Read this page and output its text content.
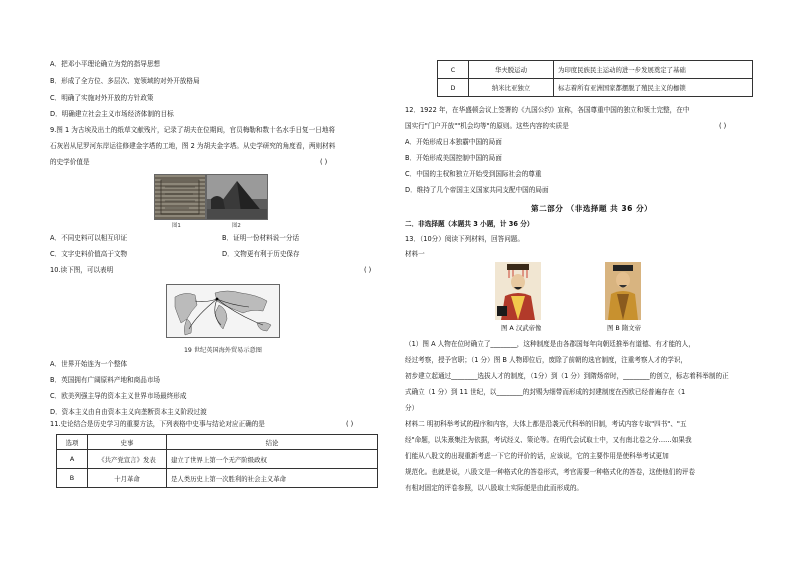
A．把邓小平理论确立为党的指导思想
B．形成了全方位、多层次、宽领域的对外开放格局
C．明确了实施对外开放的方针政策
D．明确建立社会主义市场经济体制的目标
9.图 1 为古埃及出土的纸草文献残片，记录了胡夫在位期间，官员梅勒和数十名水手日复一日地将
石灰岩从尼罗河东岸运往修建金字塔的工地，图 2 为胡夫金字塔。从史学研究的角度看，两则材料
的史学价值是	( )
图1	图2
A．不同史料可以相互印证	B．证明一份材料说一分话
C．文字史料价值高于文物	D．文物更有利于历史保存
10.读下图，可以表明	( )
19 世纪英国海外贸易示意图
A．世界开始连为一个整体
B．英国拥有广阔原料产地和商品市场
C．欧美列强主导的资本主义世界市场最终形成
D．资本主义由自由资本主义向垄断资本主义阶段过渡
11.史论结合是历史学习的重要方法，下列表格中史事与结论对应正确的是	( )
选项	史事	结论
A	《共产党宣言》发表	建立了世界上第一个无产阶级政权
B	十月革命	是人类历史上第一次胜利的社会主义革命
C	华夫脱运动	为印度民族民主运动的进一步发展奠定了基础
D	纳米比亚独立	标志着所有亚洲国家都摆脱了殖民主义的枷锁
12．1922 年，在华盛顿会议上签署的《九国公约》宣称，各国尊重中国的独立和领土完整，在中
国实行"门户开放""机会均等"的原则。这些内容的实质是	( )
A．开始形成日本独霸中国的局面
B．开始形成美国控制中国的局面
C．中国的主权和独立开始受到国际社会的尊重
D．维持了几个帝国主义国家共同支配中国的局面
第二部分 （非选择题 共 36 分）
二．非选择题（本题共 3 小题，计 36 分）
13．（10分）阅读下列材料，回答问题。
材料一
图 A 汉武帝像	图 B 隋文帝
（1）图 A 人物在位时确立了________，这种制度是由各郡国每年向朝廷推举有道德、有才能的人，
经过考察，授予官职；（1 分）图 B 人物即位后，废除了前朝的选官制度，注重考察人才的学识，
初步建立起通过________选拔人才的制度，（1分）到（1 分）到隋炀帝时，________的创立，标志着科举制的正
式确立（1 分）到 11 世纪，以________的封赐为细带而形成的封建制度在西欧已经普遍存在（1
分）
材料二 明初科举考试的程序和内容，大体上都是沿袭元代科举的旧制，考试内容专取"四书"、"五
经"命题，以朱熹集注为依据，考试经义、策论等。在明代会试取士中，又有南北卷之分……如果我
们能从八股文的出现重新考虑一下它的评价的话，应该说，它的主要作用是使科举考试更加
规范化。也就是说，八股文是一种格式化的答卷形式，考官需要一种格式化的答卷，这使他们的评卷
有相对固定的评卷参照，以八股取士实际便是由此而形成的。
